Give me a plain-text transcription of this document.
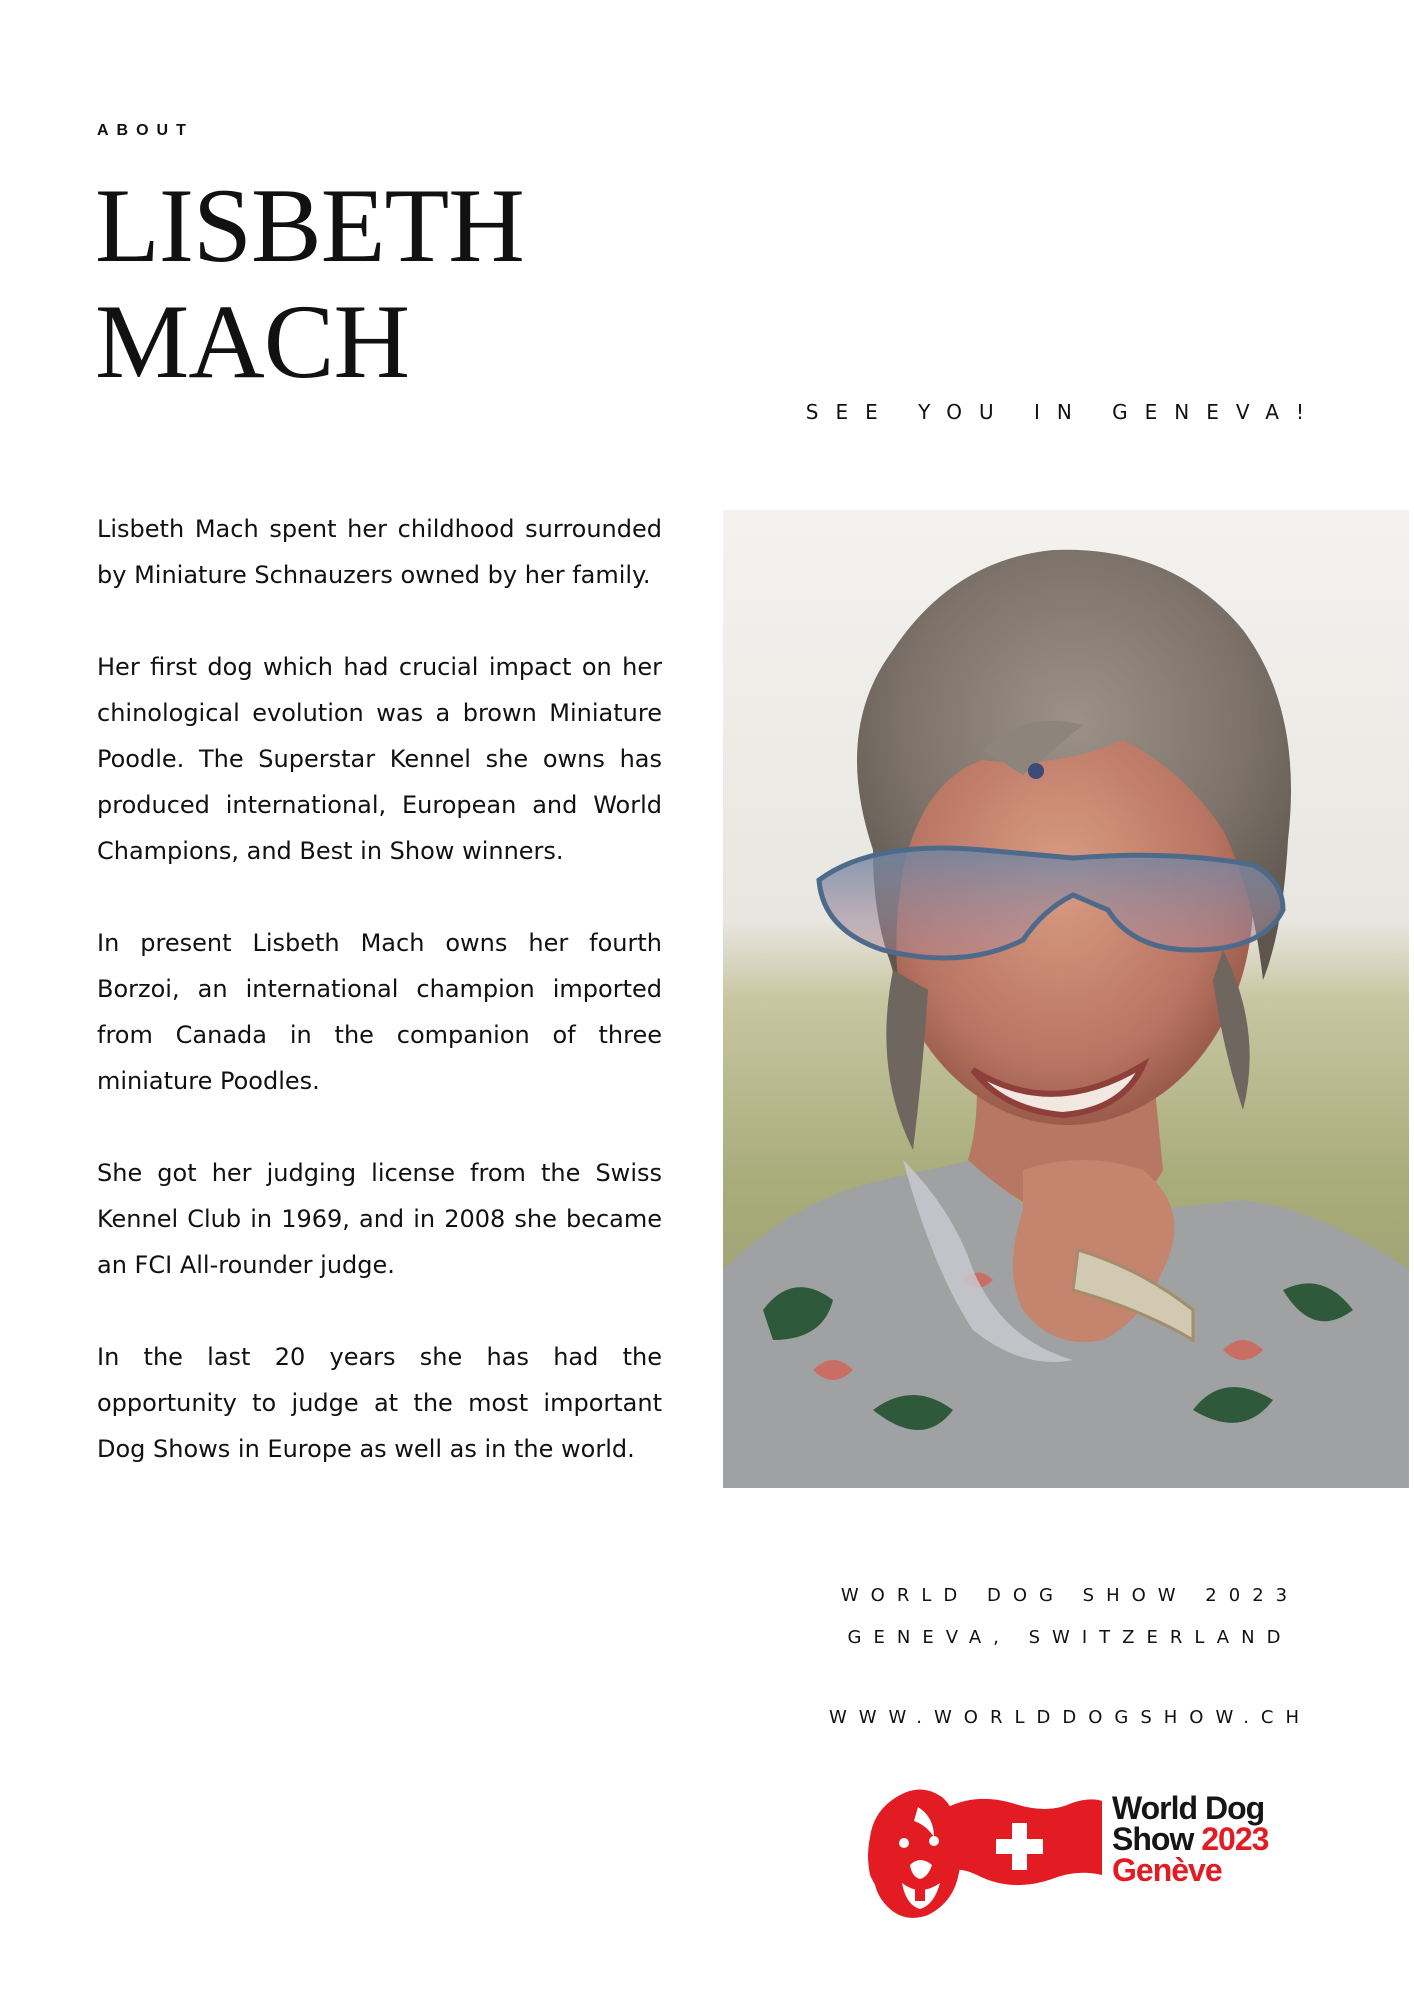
ABOUT
LISBETH
MACH
SEE YOU IN GENEVA!

Lisbeth Mach spent her childhood surrounded by Miniature Schnauzers owned by her family.

Her first dog which had crucial impact on her chinological evolution was a brown Miniature Poodle. The Superstar Kennel she owns has produced international, European and World Champions, and Best in Show winners.

In present Lisbeth Mach owns her fourth Borzoi, an international champion imported from Canada in the companion of three miniature Poodles.

She got her judging license from the Swiss Kennel Club in 1969, and in 2008 she became an FCI All-rounder judge.

In the last 20 years she has had the opportunity to judge at the most important Dog Shows in Europe as well as in the world.

WORLD DOG SHOW 2023
GENEVA, SWITZERLAND
WWW.WORLDDOGSHOW.CH
World Dog
Show 2023
Genève
